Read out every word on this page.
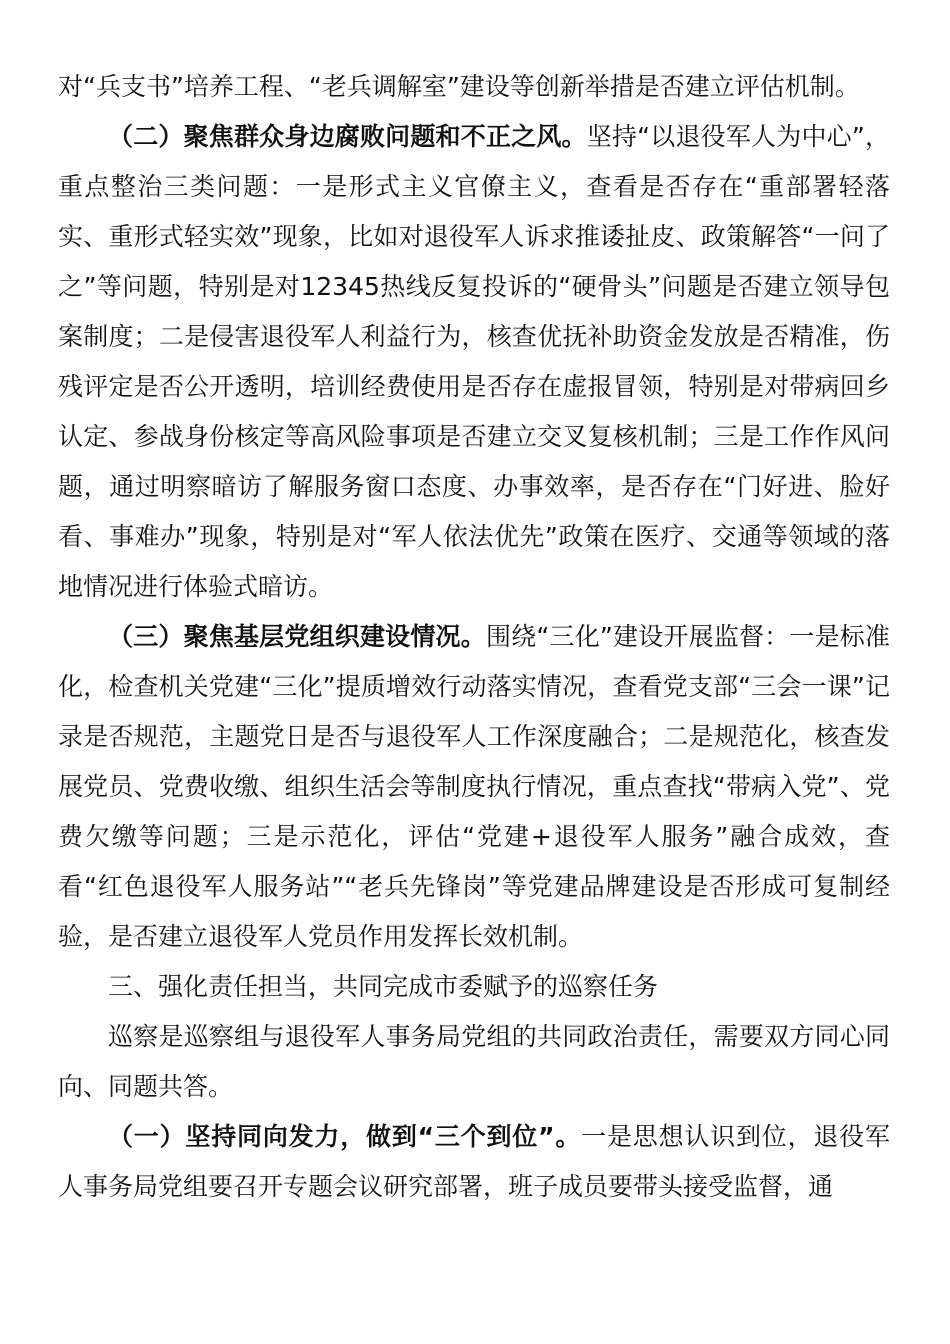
对“兵支书”培养工程、“老兵调解室”建设等创新举措是否建立评估机制。

（二）聚焦群众身边腐败问题和不正之风。坚持“以退役军人为中心”，重点整治三类问题：一是形式主义官僚主义，查看是否存在“重部署轻落实、重形式轻实效”现象，比如对退役军人诉求推诿扯皮、政策解答“一问了之”等问题，特别是对12345热线反复投诉的“硬骨头”问题是否建立领导包案制度；二是侵害退役军人利益行为，核查优抚补助资金发放是否精准，伤残评定是否公开透明，培训经费使用是否存在虚报冒领，特别是对带病回乡认定、参战身份核定等高风险事项是否建立交叉复核机制；三是工作作风问题，通过明察暗访了解服务窗口态度、办事效率，是否存在“门好进、脸好看、事难办”现象，特别是对“军人依法优先”政策在医疗、交通等领域的落地情况进行体验式暗访。

（三）聚焦基层党组织建设情况。围绕“三化”建设开展监督：一是标准化，检查机关党建“三化”提质增效行动落实情况，查看党支部“三会一课”记录是否规范，主题党日是否与退役军人工作深度融合；二是规范化，核查发展党员、党费收缴、组织生活会等制度执行情况，重点查找“带病入党”、党费欠缴等问题；三是示范化，评估“党建+退役军人服务”融合成效，查看“红色退役军人服务站”“老兵先锋岗”等党建品牌建设是否形成可复制经验，是否建立退役军人党员作用发挥长效机制。

三、强化责任担当，共同完成市委赋予的巡察任务

巡察是巡察组与退役军人事务局党组的共同政治责任，需要双方同心同向、同题共答。

（一）坚持同向发力，做到“三个到位”。一是思想认识到位，退役军人事务局党组要召开专题会议研究部署，班子成员要带头接受监督，通
